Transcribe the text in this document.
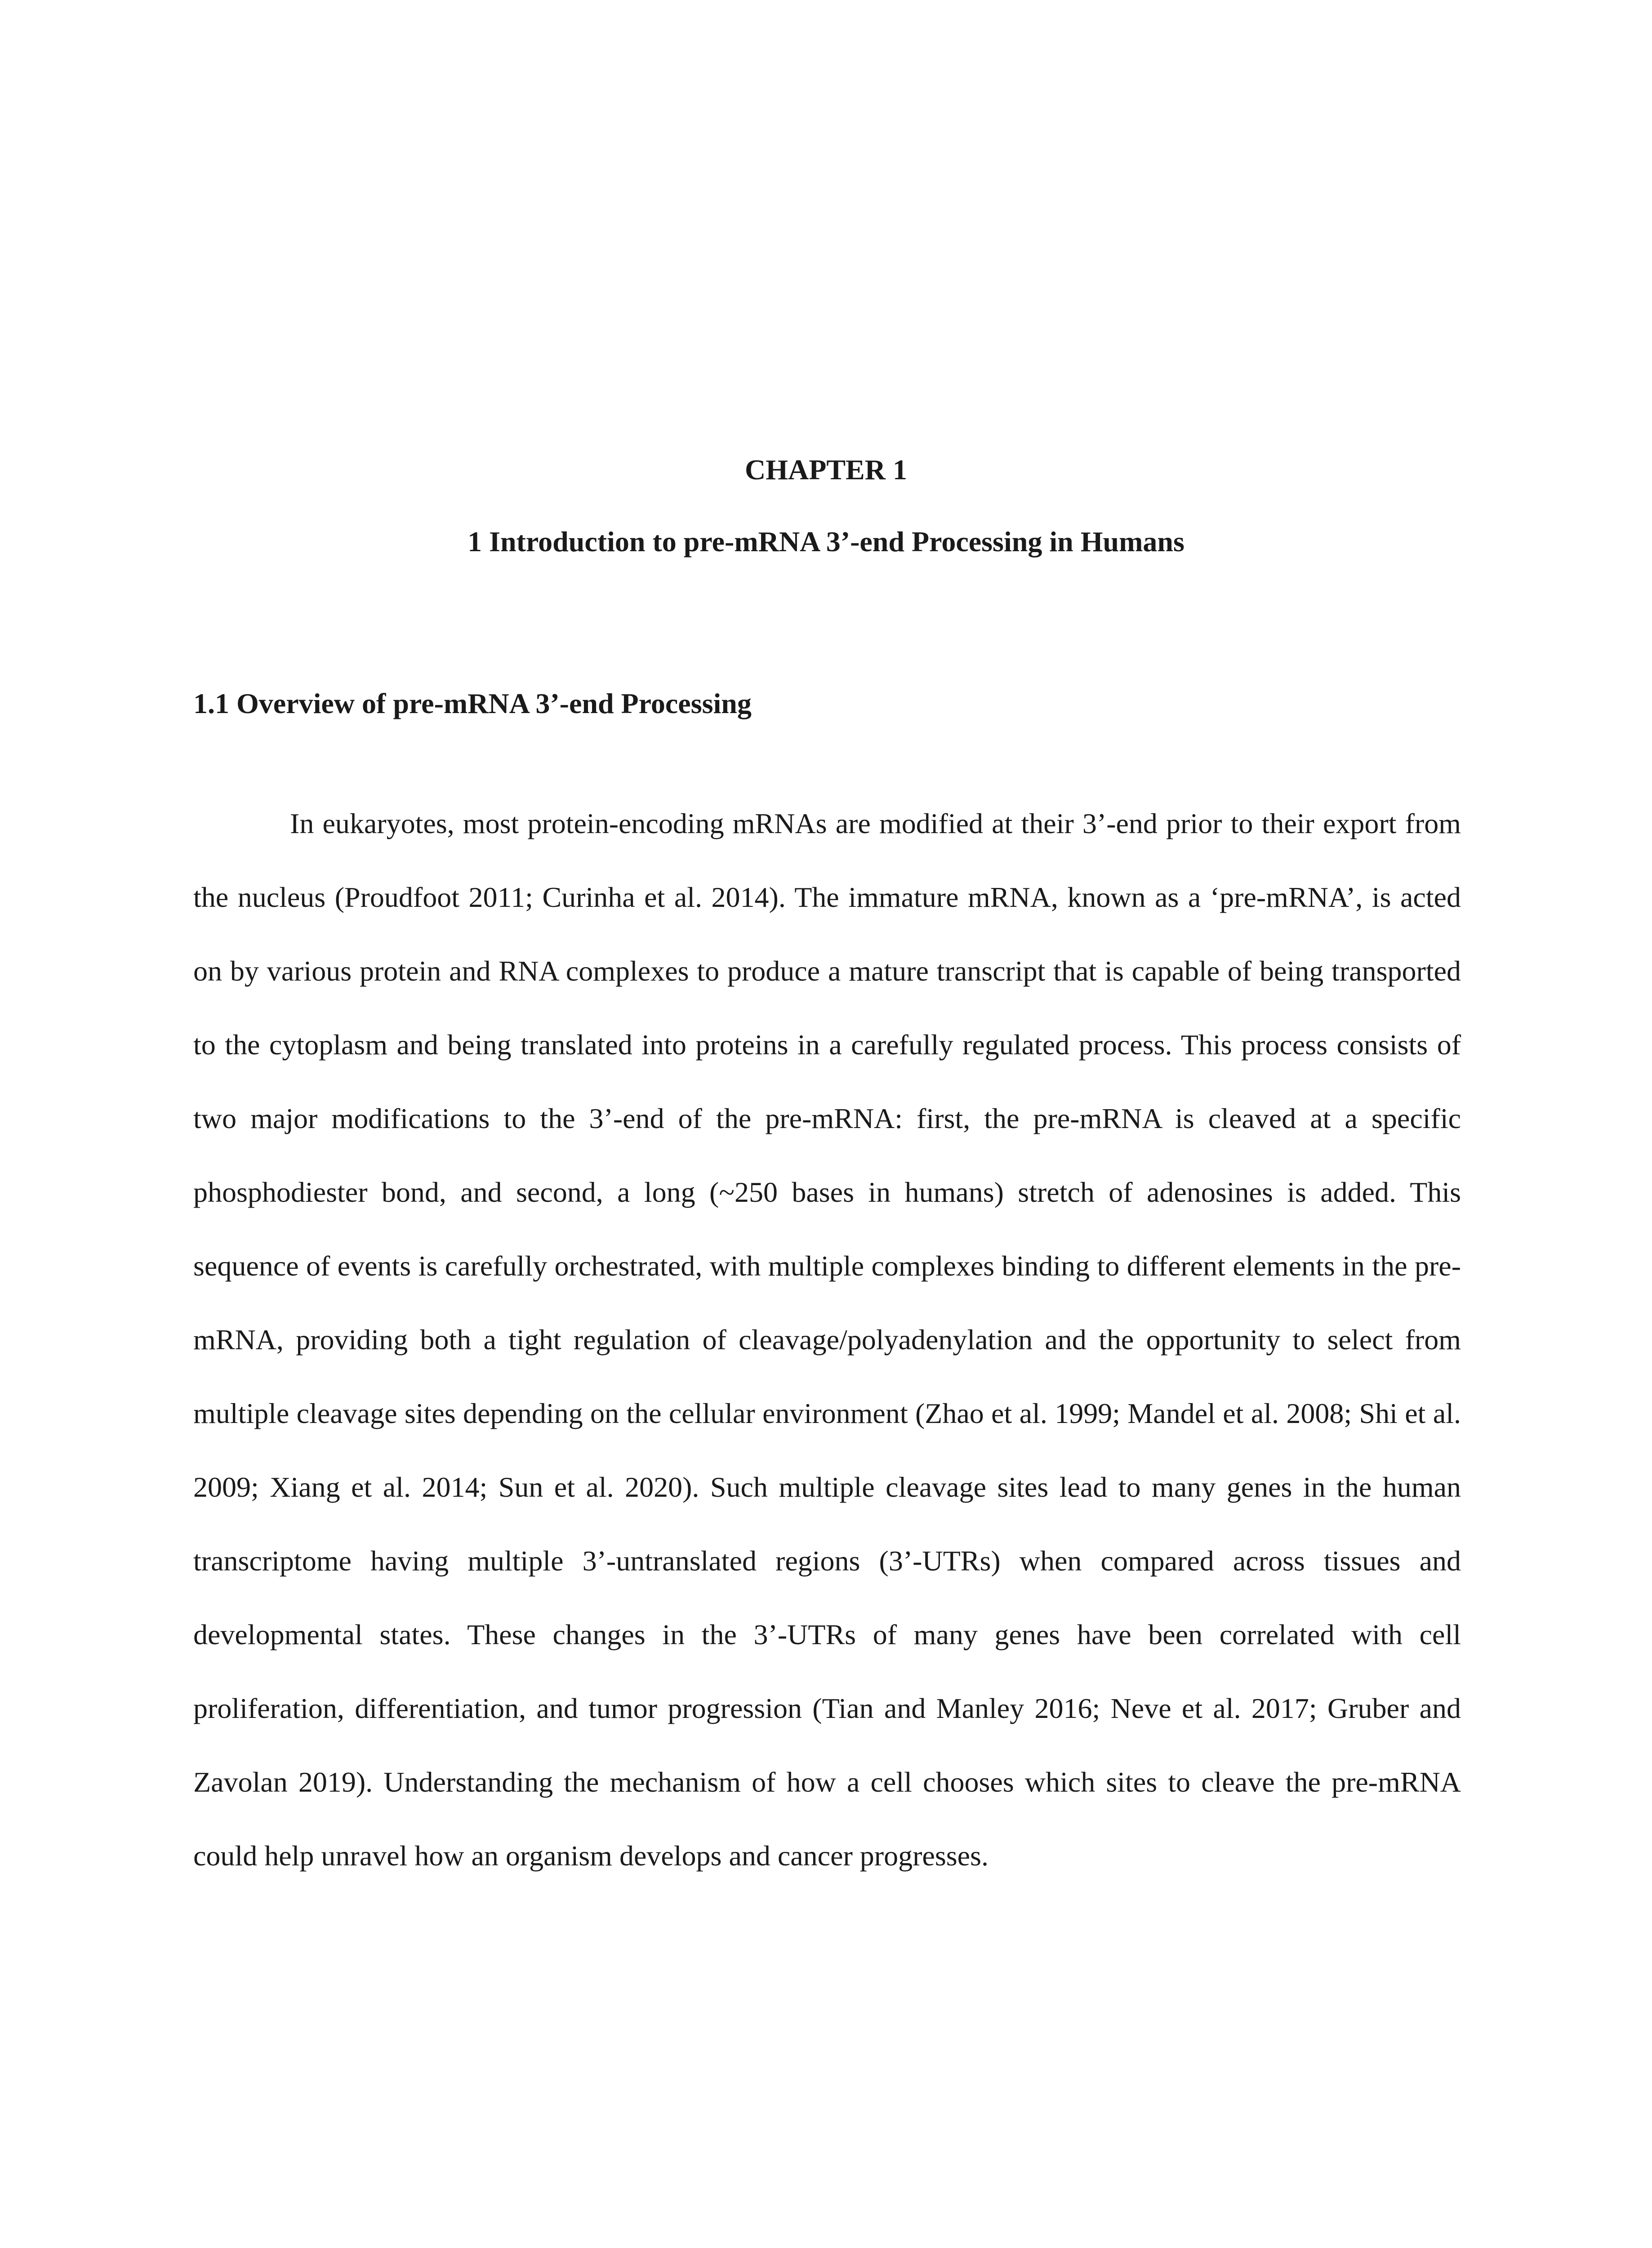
CHAPTER 1
1 Introduction to pre-mRNA 3’-end Processing in Humans
1.1 Overview of pre-mRNA 3’-end Processing

In eukaryotes, most protein-encoding mRNAs are modified at their 3’-end prior to their export from the nucleus (Proudfoot 2011; Curinha et al. 2014). The immature mRNA, known as a ‘pre-mRNA’, is acted on by various protein and RNA complexes to produce a mature transcript that is capable of being transported to the cytoplasm and being translated into proteins in a carefully regulated process. This process consists of two major modifications to the 3’-end of the pre-mRNA: first, the pre-mRNA is cleaved at a specific phosphodiester bond, and second, a long (~250 bases in humans) stretch of adenosines is added. This sequence of events is carefully orchestrated, with multiple complexes binding to different elements in the pre-mRNA, providing both a tight regulation of cleavage/polyadenylation and the opportunity to select from multiple cleavage sites depending on the cellular environment (Zhao et al. 1999; Mandel et al. 2008; Shi et al. 2009; Xiang et al. 2014; Sun et al. 2020). Such multiple cleavage sites lead to many genes in the human transcriptome having multiple 3’-untranslated regions (3’-UTRs) when compared across tissues and developmental states. These changes in the 3’-UTRs of many genes have been correlated with cell proliferation, differentiation, and tumor progression (Tian and Manley 2016; Neve et al. 2017; Gruber and Zavolan 2019). Understanding the mechanism of how a cell chooses which sites to cleave the pre-mRNA could help unravel how an organism develops and cancer progresses.
